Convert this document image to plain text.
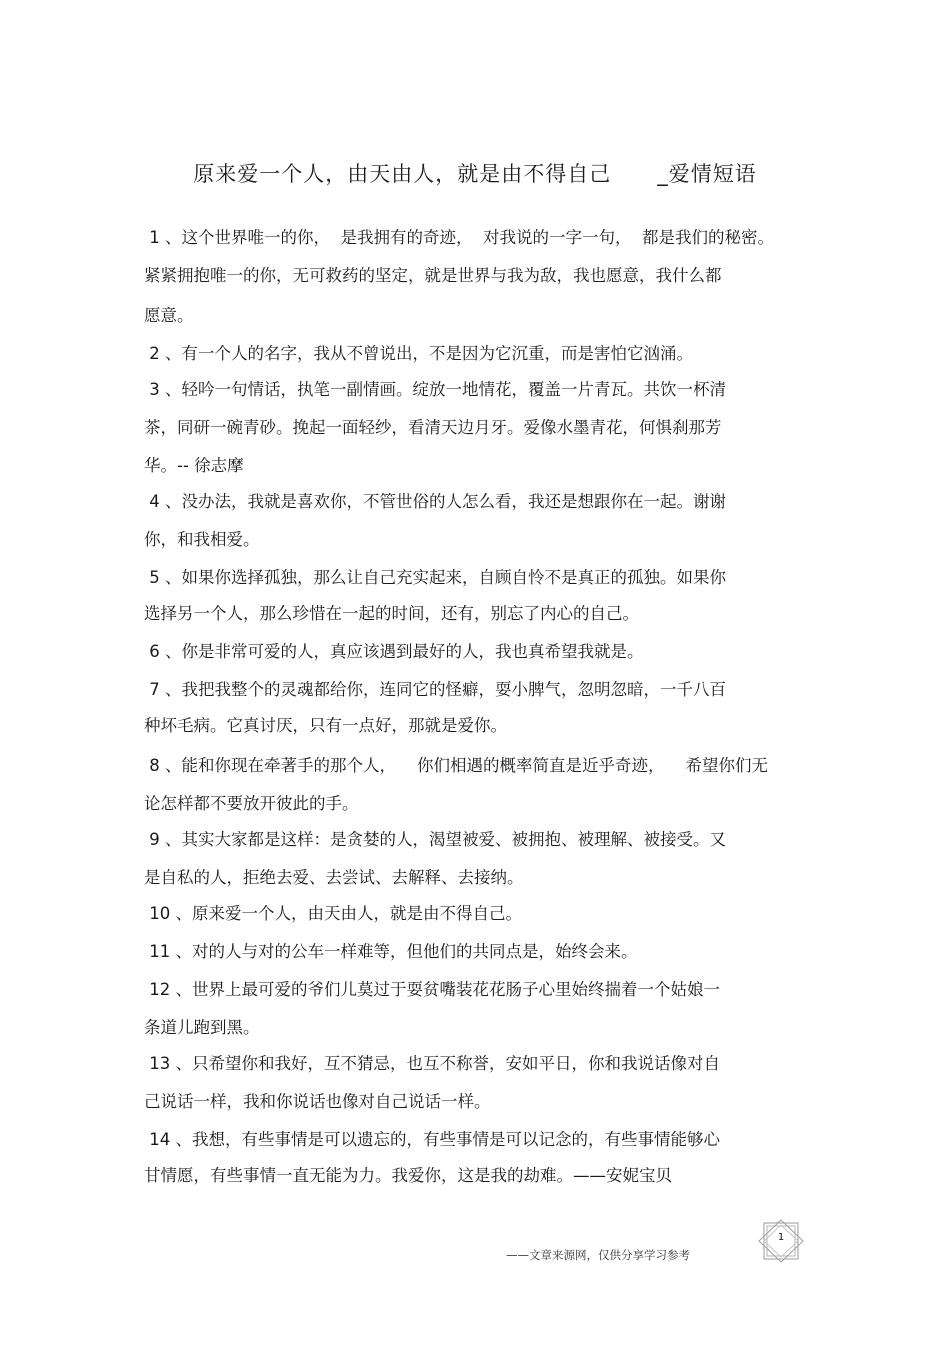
原来爱一个人，由天由人，就是由不得自己      _爱情短语
1 、这个世界唯一的你，  是我拥有的奇迹，  对我说的一字一句，  都是我们的秘密。
紧紧拥抱唯一的你，无可救药的坚定，就是世界与我为敌，我也愿意，我什么都
愿意。
2 、有一个人的名字，我从不曾说出，不是因为它沉重，而是害怕它汹涌。
3 、轻吟一句情话，执笔一副情画。绽放一地情花，覆盖一片青瓦。共饮一杯清
茶，同研一碗青砂。挽起一面轻纱，看清天边月牙。爱像水墨青花，何惧刹那芳
华。-- 徐志摩
4 、没办法，我就是喜欢你，不管世俗的人怎么看，我还是想跟你在一起。谢谢
你，和我相爱。
5 、如果你选择孤独，那么让自己充实起来，自顾自怜不是真正的孤独。如果你
选择另一个人，那么珍惜在一起的时间，还有，别忘了内心的自己。
6 、你是非常可爱的人，真应该遇到最好的人，我也真希望我就是。
7 、我把我整个的灵魂都给你，连同它的怪癖，耍小脾气，忽明忽暗，一千八百
种坏毛病。它真讨厌，只有一点好，那就是爱你。
8 、能和你现在牵著手的那个人，    你们相遇的概率简直是近乎奇迹，    希望你们无
论怎样都不要放开彼此的手。
9 、其实大家都是这样：是贪婪的人，渴望被爱、被拥抱、被理解、被接受。又
是自私的人，拒绝去爱、去尝试、去解释、去接纳。
10 、原来爱一个人，由天由人，就是由不得自己。
11 、对的人与对的公车一样难等，但他们的共同点是，始终会来。
12 、世界上最可爱的爷们儿莫过于耍贫嘴装花花肠子心里始终揣着一个姑娘一
条道儿跑到黑。
13 、只希望你和我好，互不猜忌，也互不称誉，安如平日，你和我说话像对自
己说话一样，我和你说话也像对自己说话一样。
14 、我想，有些事情是可以遗忘的，有些事情是可以记念的，有些事情能够心
甘情愿，有些事情一直无能为力。我爱你，这是我的劫难。——安妮宝贝
——文章来源网，仅供分享学习参考
1
